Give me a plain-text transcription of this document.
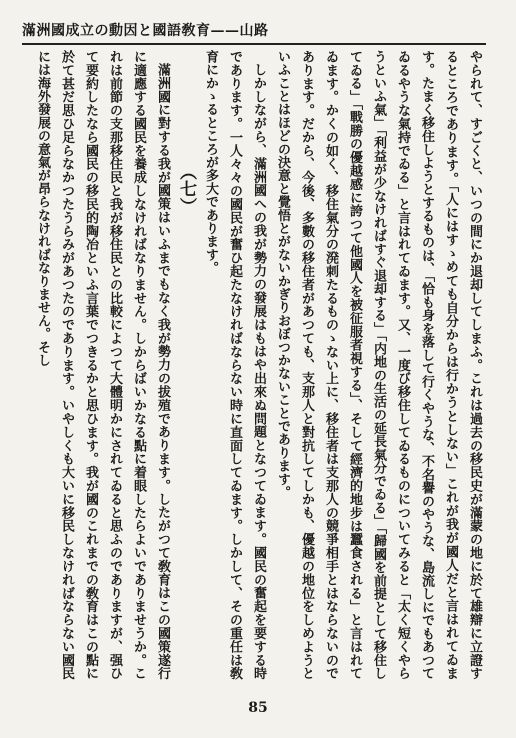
滿洲國成立の動因と國語敎育——山路

やられて、すごくと、いつの間にか退却してしまふ。これは過去の移民史が滿蒙の地に於て雄辯に立證するところであります。「人にはすゝめても自分からは行かうとしない」これが我が國人だと言はれてゐます。たまく移住しようとするものは、「恰も身を落して行くやうな、不名譽のやうな、島流しにでもあつてゐるやうな氣持でゐる」と言はれてゐます。又、一度び移住してゐるものについてみると「太く短くやらうといふ氣」「利益が少なければすぐ退却する」「内地の生活の延長氣分でゐる」「歸國を前提として移住してゐる」「戰勝の優越感に誇つて他國人を被征服者視する」、そして經濟的地步は蠶食される」と言はれてゐます。かくの如く、移住氣分の溌刺たるものゝない上に、移住者は支那人の競爭相手とはならないのであります。だから、今後、多數の移住者があつても、支那人と對抗してしかも、優越の地位をしめようといふことはほどの決意と覺悟とがないかぎりおぼつかないことであります。

しかしながら、滿洲國への我が勢力の發展はもはや出來ぬ問題となつてゐます。國民の奮起を要する時であります。一人々々の國民が奮ひ起たなければならない時に直面してゐます。しかして、その重任は敎育にかゝるところが多大であります。

（七）

滿洲國に對する我が國策はいふまでもなく我が勢力の拔殖であります。したがつて敎育はこの國策遂行に適應する國民を養成しなければなりません。しからばいかなる點に着眼したらよいでありませうか。これは前節の支那移住民と我が移住民との比較によつて大體明かにされてゐると思ふのでありますが、强ひて要約したなら國民の移民的陶冶といふ言葉でつきるかと思ひます。我が國のこれまでの敎育はこの點に於て甚だ思ひ足らなかつたうらみがあつたのであります。いやしくも大いに移民しなければならない國民には海外發展の意氣が昂らなければなりません。そし

85
